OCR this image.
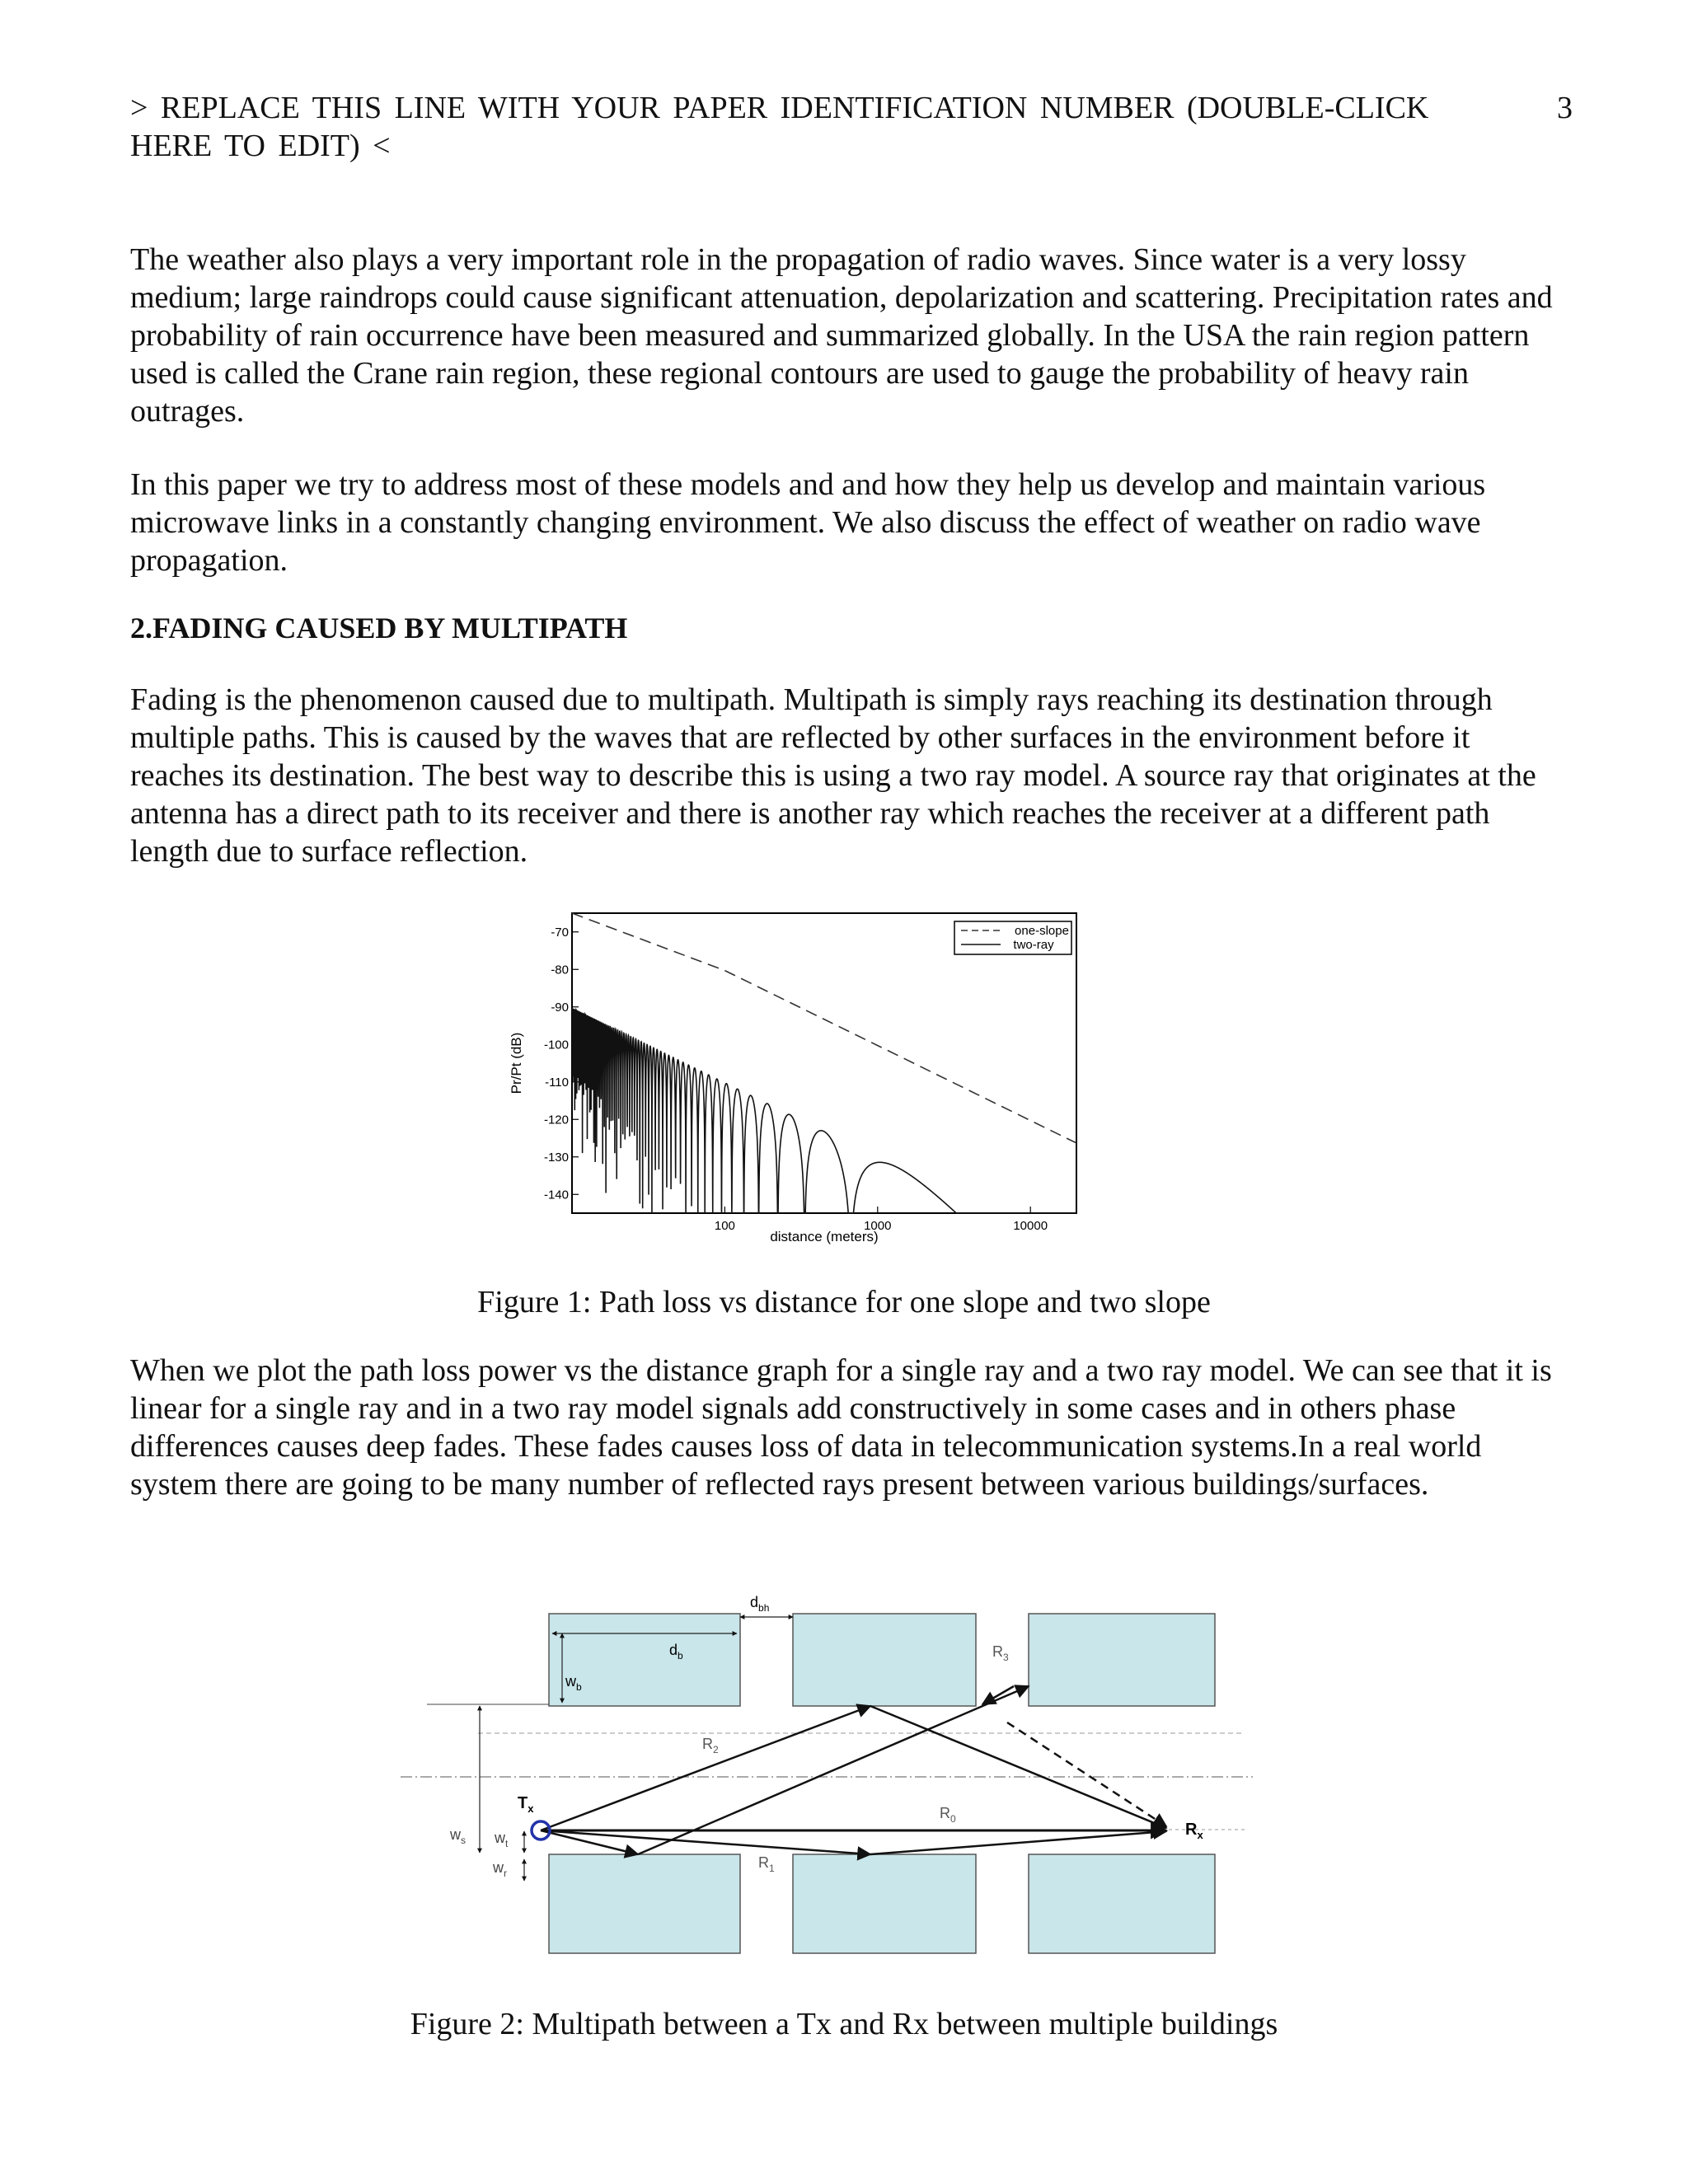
> REPLACE THIS LINE WITH YOUR PAPER IDENTIFICATION NUMBER (DOUBLE-CLICK HERE TO EDIT) <
3

The weather also plays a very important role in the propagation of radio waves. Since water is a very lossy medium; large raindrops could cause significant attenuation, depolarization and scattering. Precipitation rates and probability of rain occurrence have been measured and summarized globally. In the USA the rain region pattern used is called the Crane rain region, these regional contours are used to gauge the probability of heavy rain outrages.

In this paper we try to address most of these models and and how they help us develop and maintain various microwave links in a constantly changing environment. We also discuss the effect of weather on radio wave propagation.

2.FADING CAUSED BY MULTIPATH

Fading is the phenomenon caused due to multipath. Multipath is simply rays reaching its destination through multiple paths. This is caused by the waves that are reflected by other surfaces in the environment before it reaches its destination. The best way to describe this is using a two ray model. A source ray that originates at the antenna has a direct path to its receiver and there is another ray which reaches the receiver at a different path length due to surface reflection.

-70
-80
-90
-100
-110
-120
-130
-140
100	1000	10000
one-slope
two-ray
distance (meters)
Pr/Pt (dB)
Figure 1: Path loss vs distance for one slope and two slope

When we plot the path loss power vs the distance graph for a single ray and a two ray model. We can see that it is linear for a single ray and in a two ray model signals add constructively in some cases and in others phase differences causes deep fades. These fades causes loss of data in telecommunication systems.In a real world system there are going to be many number of reflected rays present between various buildings/surfaces.

$d_{bh}$
$d_b$
$w_b$
$w_s$ $w_t$
$w_r$
$R_2$
$R_3$
$R_0$
$R_1$
$T_x$
$R_x$
Figure 2: Multipath between a Tx and Rx between multiple buildings
